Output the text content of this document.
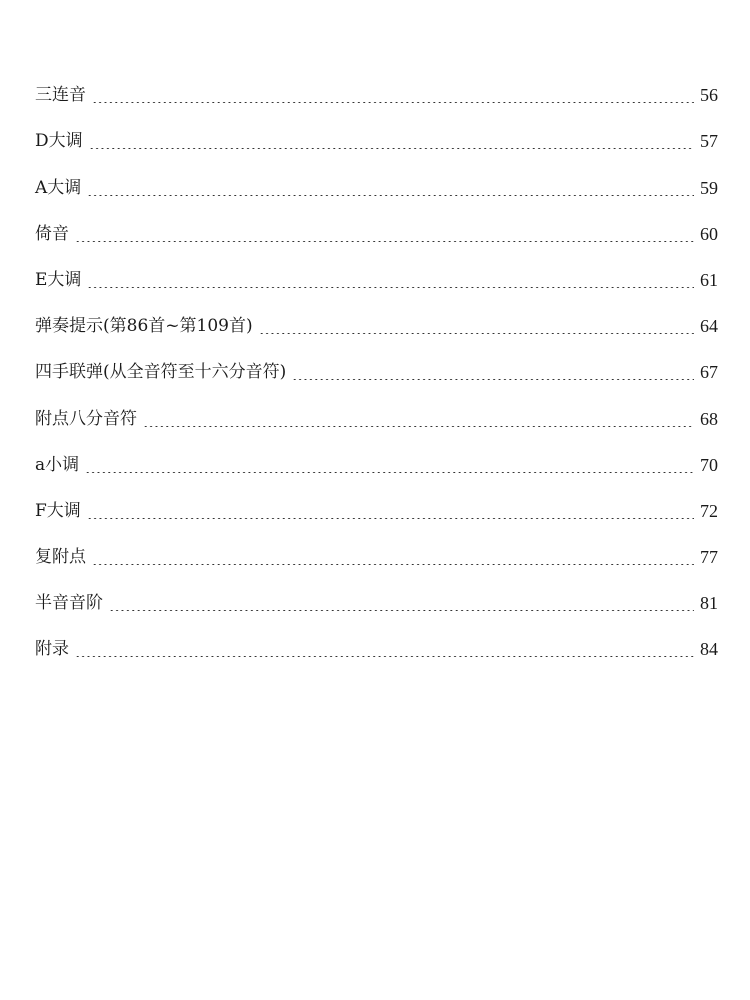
三连音	56
D大调	57
A大调	59
倚音	60
E大调	61
弹奏提示(第86首~第109首)	64
四手联弹(从全音符至十六分音符)	67
附点八分音符	68
a小调	70
F大调	72
复附点	77
半音音阶	81
附录	84
